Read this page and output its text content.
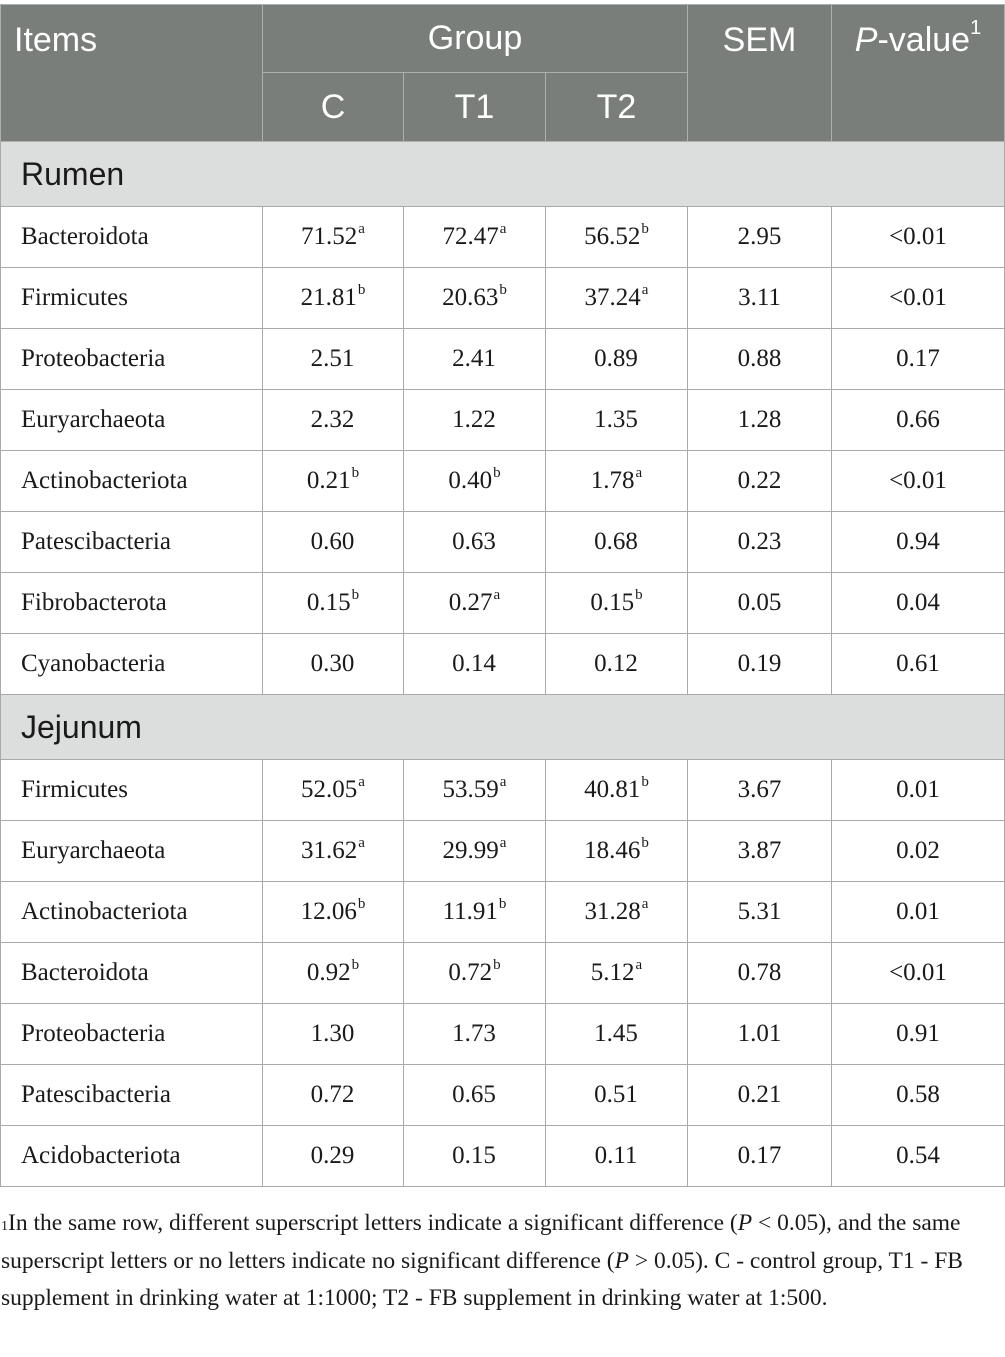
Items	Group			SEM	P-value$^1$
	C	T1	T2		
Rumen					
Bacteroidota	71.52$^a$	72.47$^a$	56.52$^b$	2.95	<0.01
Firmicutes	21.81$^b$	20.63$^b$	37.24$^a$	3.11	<0.01
Proteobacteria	2.51	2.41	0.89	0.88	0.17
Euryarchaeota	2.32	1.22	1.35	1.28	0.66
Actinobacteriota	0.21$^b$	0.40$^b$	1.78$^a$	0.22	<0.01
Patescibacteria	0.60	0.63	0.68	0.23	0.94
Fibrobacterota	0.15$^b$	0.27$^a$	0.15$^b$	0.05	0.04
Cyanobacteria	0.30	0.14	0.12	0.19	0.61
Jejunum					
Firmicutes	52.05$^a$	53.59$^a$	40.81$^b$	3.67	0.01
Euryarchaeota	31.62$^a$	29.99$^a$	18.46$^b$	3.87	0.02
Actinobacteriota	12.06$^b$	11.91$^b$	31.28$^a$	5.31	0.01
Bacteroidota	0.92$^b$	0.72$^b$	5.12$^a$	0.78	<0.01
Proteobacteria	1.30	1.73	1.45	1.01	0.91
Patescibacteria	0.72	0.65	0.51	0.21	0.58
Acidobacteriota	0.29	0.15	0.11	0.17	0.54
$^1$In the same row, different superscript letters indicate a significant difference (P < 0.05), and the same superscript letters or no letters indicate no significant difference (P > 0.05). C - control group, T1 - FB supplement in drinking water at 1:1000; T2 - FB supplement in drinking water at 1:500.
